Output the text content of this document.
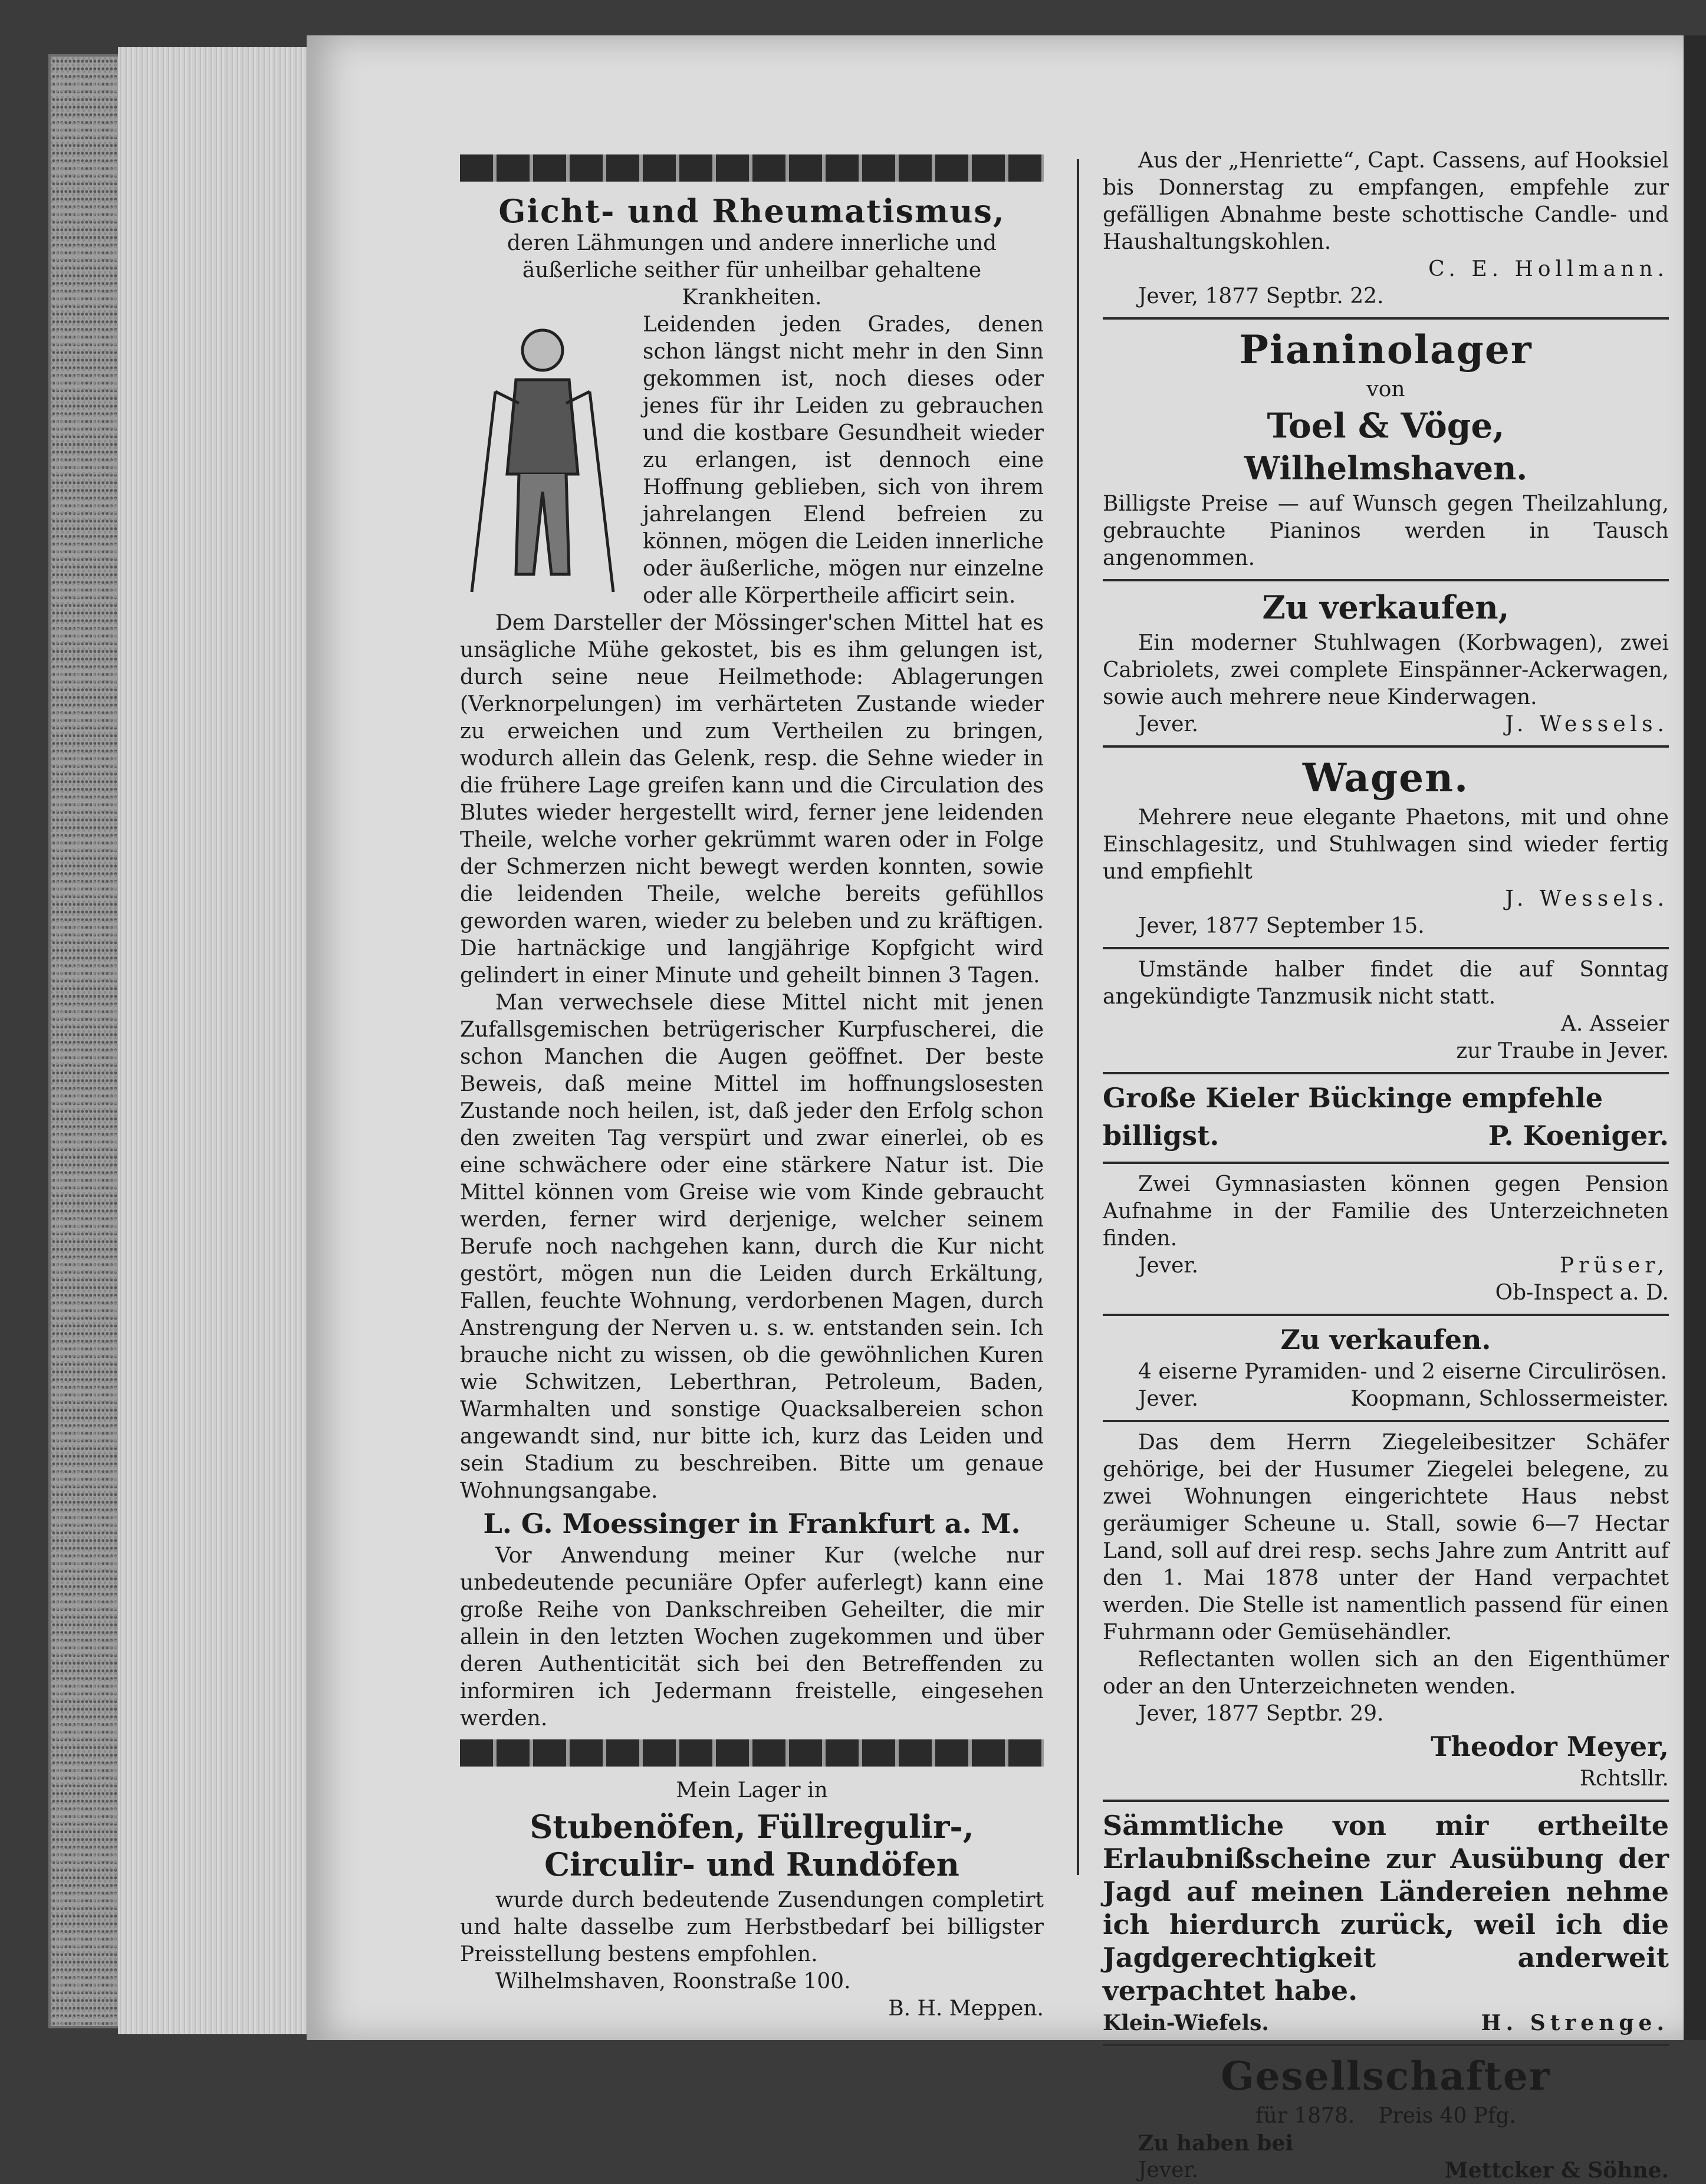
Gicht- und Rheumatismus,

deren Lähmungen und andere innerliche und äußerliche seither für unheilbar gehaltene Krankheiten.

Leidenden jeden Grades, denen schon längst nicht mehr in den Sinn gekommen ist, noch dieses oder jenes für ihr Leiden zu gebrauchen und die kostbare Gesundheit wieder zu erlangen, ist dennoch eine Hoffnung geblieben, sich von ihrem jahrelangen Elend befreien zu können, mögen die Leiden innerliche oder äußerliche, mögen nur einzelne oder alle Körpertheile afficirt sein.

Dem Darsteller der Mössinger'schen Mittel hat es unsägliche Mühe gekostet, bis es ihm gelungen ist, durch seine neue Heilmethode: Ablagerungen (Verknorpelungen) im verhärteten Zustande wieder zu erweichen und zum Vertheilen zu bringen, wodurch allein das Gelenk, resp. die Sehne wieder in die frühere Lage greifen kann und die Circulation des Blutes wieder hergestellt wird, ferner jene leidenden Theile, welche vorher gekrümmt waren oder in Folge der Schmerzen nicht bewegt werden konnten, sowie die leidenden Theile, welche bereits gefühllos geworden waren, wieder zu beleben und zu kräftigen. Die hartnäckige und langjährige Kopfgicht wird gelindert in einer Minute und geheilt binnen 3 Tagen.

Man verwechsele diese Mittel nicht mit jenen Zufallsgemischen betrügerischer Kurpfuscherei, die schon Manchen die Augen geöffnet. Der beste Beweis, daß meine Mittel im hoffnungslosesten Zustande noch heilen, ist, daß jeder den Erfolg schon den zweiten Tag verspürt und zwar einerlei, ob es eine schwächere oder eine stärkere Natur ist. Die Mittel können vom Greise wie vom Kinde gebraucht werden, ferner wird derjenige, welcher seinem Berufe noch nachgehen kann, durch die Kur nicht gestört, mögen nun die Leiden durch Erkältung, Fallen, feuchte Wohnung, verdorbenen Magen, durch Anstrengung der Nerven u. s. w. entstanden sein. Ich brauche nicht zu wissen, ob die gewöhnlichen Kuren wie Schwitzen, Leberthran, Petroleum, Baden, Warmhalten und sonstige Quacksalbereien schon angewandt sind, nur bitte ich, kurz das Leiden und sein Stadium zu beschreiben. Bitte um genaue Wohnungsangabe.

L. G. Moessinger in Frankfurt a. M.

Vor Anwendung meiner Kur (welche nur unbedeutende pecuniäre Opfer auferlegt) kann eine große Reihe von Dankschreiben Geheilter, die mir allein in den letzten Wochen zugekommen und über deren Authenticität sich bei den Betreffenden zu informiren ich Jedermann freistelle, eingesehen werden.

Mein Lager in

Stubenöfen, Füllregulir-, Circulir- und Rundöfen

wurde durch bedeutende Zusendungen completirt und halte dasselbe zum Herbstbedarf bei billigster Preisstellung bestens empfohlen.

Wilhelmshaven, Roonstraße 100.

B. H. Meppen.

Aus der „Henriette“, Capt. Cassens, auf Hooksiel bis Donnerstag zu empfangen, empfehle zur gefälligen Abnahme beste schottische Candle- und Haushaltungskohlen.

C. E. Hollmann.

Jever, 1877 Septbr. 22.

Pianinolager

von

Toel & Vöge,
Wilhelmshaven.

Billigste Preise — auf Wunsch gegen Theilzahlung, gebrauchte Pianinos werden in Tausch angenommen.

Zu verkaufen,

Ein moderner Stuhlwagen (Korbwagen), zwei Cabriolets, zwei complete Einspänner-Ackerwagen, sowie auch mehrere neue Kinderwagen.

Jever.	J. Wessels.
Wagen.

Mehrere neue elegante Phaetons, mit und ohne Einschlagesitz, und Stuhlwagen sind wieder fertig und empfiehlt

J. Wessels.

Jever, 1877 September 15.

Umstände halber findet die auf Sonntag angekündigte Tanzmusik nicht statt.

A. Asseier

zur Traube in Jever.

Große Kieler Bückinge empfehle

billigst.	P. Koeniger.

Zwei Gymnasiasten können gegen Pension Aufnahme in der Familie des Unterzeichneten finden.

Jever.	Prüser,

Ob-Inspect a. D.

Zu verkaufen.

4 eiserne Pyramiden- und 2 eiserne Circulirösen.

Jever.	Koopmann, Schlossermeister.

Das dem Herrn Ziegeleibesitzer Schäfer gehörige, bei der Husumer Ziegelei belegene, zu zwei Wohnungen eingerichtete Haus nebst geräumiger Scheune u. Stall, sowie 6—7 Hectar Land, soll auf drei resp. sechs Jahre zum Antritt auf den 1. Mai 1878 unter der Hand verpachtet werden. Die Stelle ist namentlich passend für einen Fuhrmann oder Gemüsehändler.

Reflectanten wollen sich an den Eigenthümer oder an den Unterzeichneten wenden.

Jever, 1877 Septbr. 29.

Theodor Meyer,

Rchtsllr.

Sämmtliche von mir ertheilte Erlaubnißscheine zur Ausübung der Jagd auf meinen Ländereien nehme ich hierdurch zurück, weil ich die Jagdgerechtigkeit anderweit verpachtet habe.

Klein-Wiefels.	H. Strenge.
Gesellschafter
für 1878. Preis 40 Pfg.

Zu haben bei

Jever.	Mettcker & Söhne.
